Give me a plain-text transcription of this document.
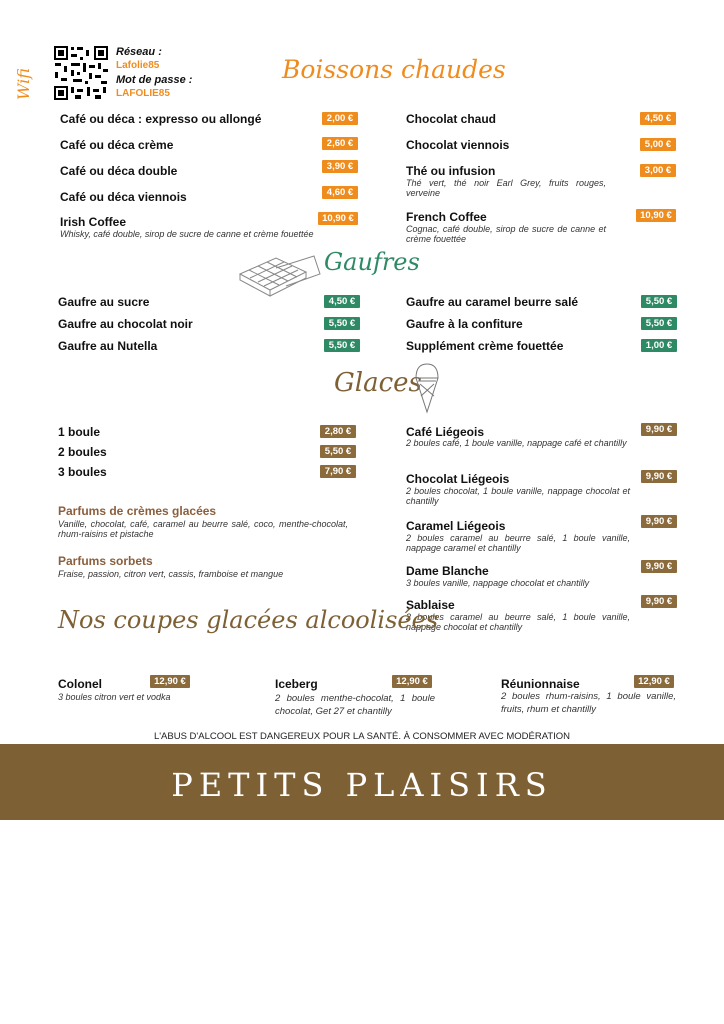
Wifi
Réseau :
Lafolie85
Mot de passe :
LAFOLIE85
Boissons chaudes
Café ou déca : expresso ou allongé	2,00 €
Café ou déca crème	2,60 €
Café ou déca double	3,90 €
Café ou déca viennois	4,60 €
Irish Coffee	10,90 €
Whisky, café double, sirop de sucre de canne et crème fouettée
Chocolat chaud	4,50 €
Chocolat viennois	5,00 €
Thé ou infusion	3,00 €
Thé vert, thé noir Earl Grey, fruits rouges, verveine
French Coffee	10,90 €
Cognac, café double, sirop de sucre de canne et crème fouettée
Gaufres
Gaufre au sucre	4,50 €
Gaufre au chocolat noir	5,50 €
Gaufre au Nutella	5,50 €
Gaufre au caramel beurre salé	5,50 €
Gaufre à la confiture	5,50 €
Supplément crème fouettée	1,00 €
Glaces
1 boule	2,80 €
2 boules	5,50 €
3 boules	7,90 €
Parfums de crèmes glacées
Vanille, chocolat, café, caramel au beurre salé, coco, menthe-chocolat, rhum-raisins et pistache
Parfums sorbets
Fraise, passion, citron vert, cassis, framboise et mangue
Café Liégeois	9,90 €
2 boules café, 1 boule vanille, nappage café et chantilly
Chocolat Liégeois	9,90 €
2 boules chocolat, 1 boule vanille, nappage chocolat et chantilly
Caramel Liégeois	9,90 €
2 boules caramel au beurre salé, 1 boule vanille, nappage caramel et chantilly
Dame Blanche	9,90 €
3 boules vanille, nappage chocolat et chantilly
Sablaise	9,90 €
2 boules caramel au beurre salé, 1 boule vanille, nappage chocolat et chantilly
Nos coupes glacées alcoolisées
Colonel	12,90 €
3 boules citron vert et vodka
Iceberg	12,90 €
2 boules menthe-chocolat, 1 boule chocolat, Get 27 et chantilly
Réunionnaise	12,90 €
2 boules rhum-raisins, 1 boule vanille, fruits, rhum et chantilly
L'ABUS D'ALCOOL EST DANGEREUX POUR LA SANTÉ. À CONSOMMER AVEC MODÉRATION
PETITS PLAISIRS
